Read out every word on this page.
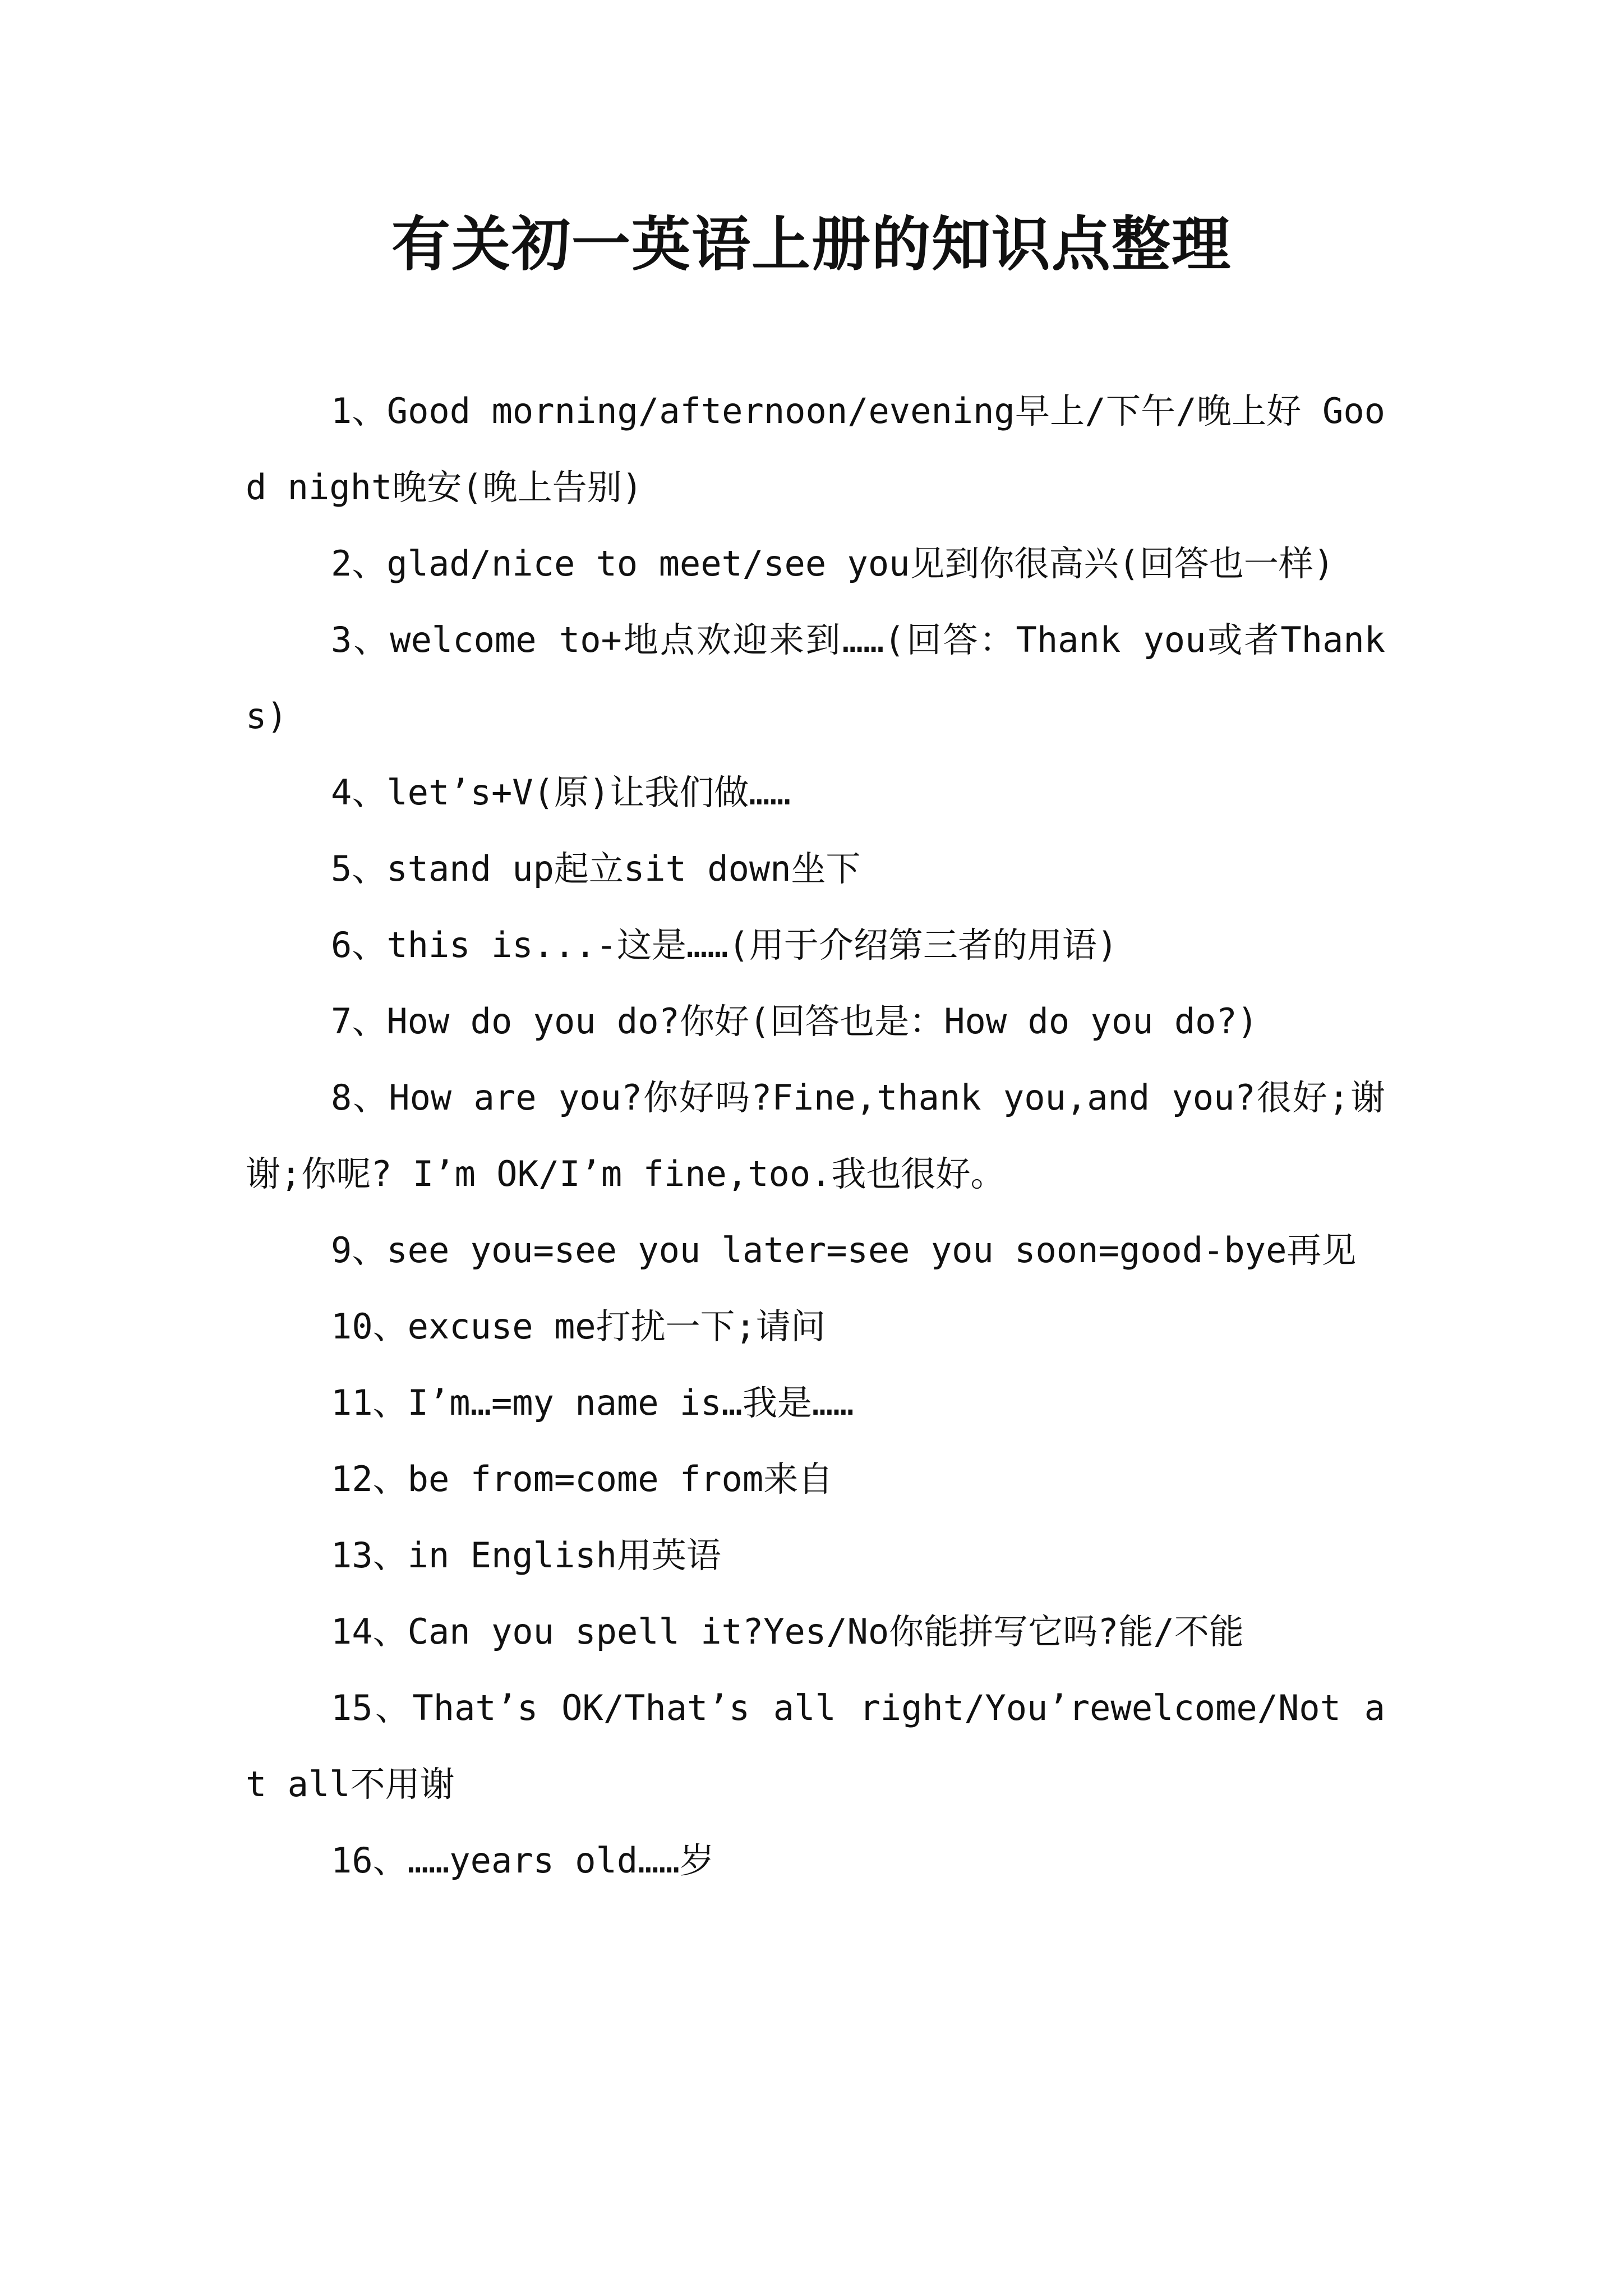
有关初一英语上册的知识点整理

1、Good morning/afternoon/evening早上/下午/晚上好 Good night晚安(晚上告别)

2、glad/nice to meet/see you见到你很高兴(回答也一样)

3、welcome to+地点欢迎来到……(回答：Thank you或者Thanks)

4、let’s+V(原)让我们做……

5、stand up起立sit down坐下

6、this is...-这是……(用于介绍第三者的用语)

7、How do you do?你好(回答也是：How do you do?)

8、How are you?你好吗?Fine,thank you,and you?很好;谢谢;你呢? I’m OK/I’m fine,too.我也很好。

9、see you=see you later=see you soon=good-bye再见

10、excuse me打扰一下;请问

11、I’m…=my name is…我是……

12、be from=come from来自

13、in English用英语

14、Can you spell it?Yes/No你能拼写它吗?能/不能

15、That’s OK/That’s all right/You’rewelcome/Not at all不用谢

16、……years old……岁
